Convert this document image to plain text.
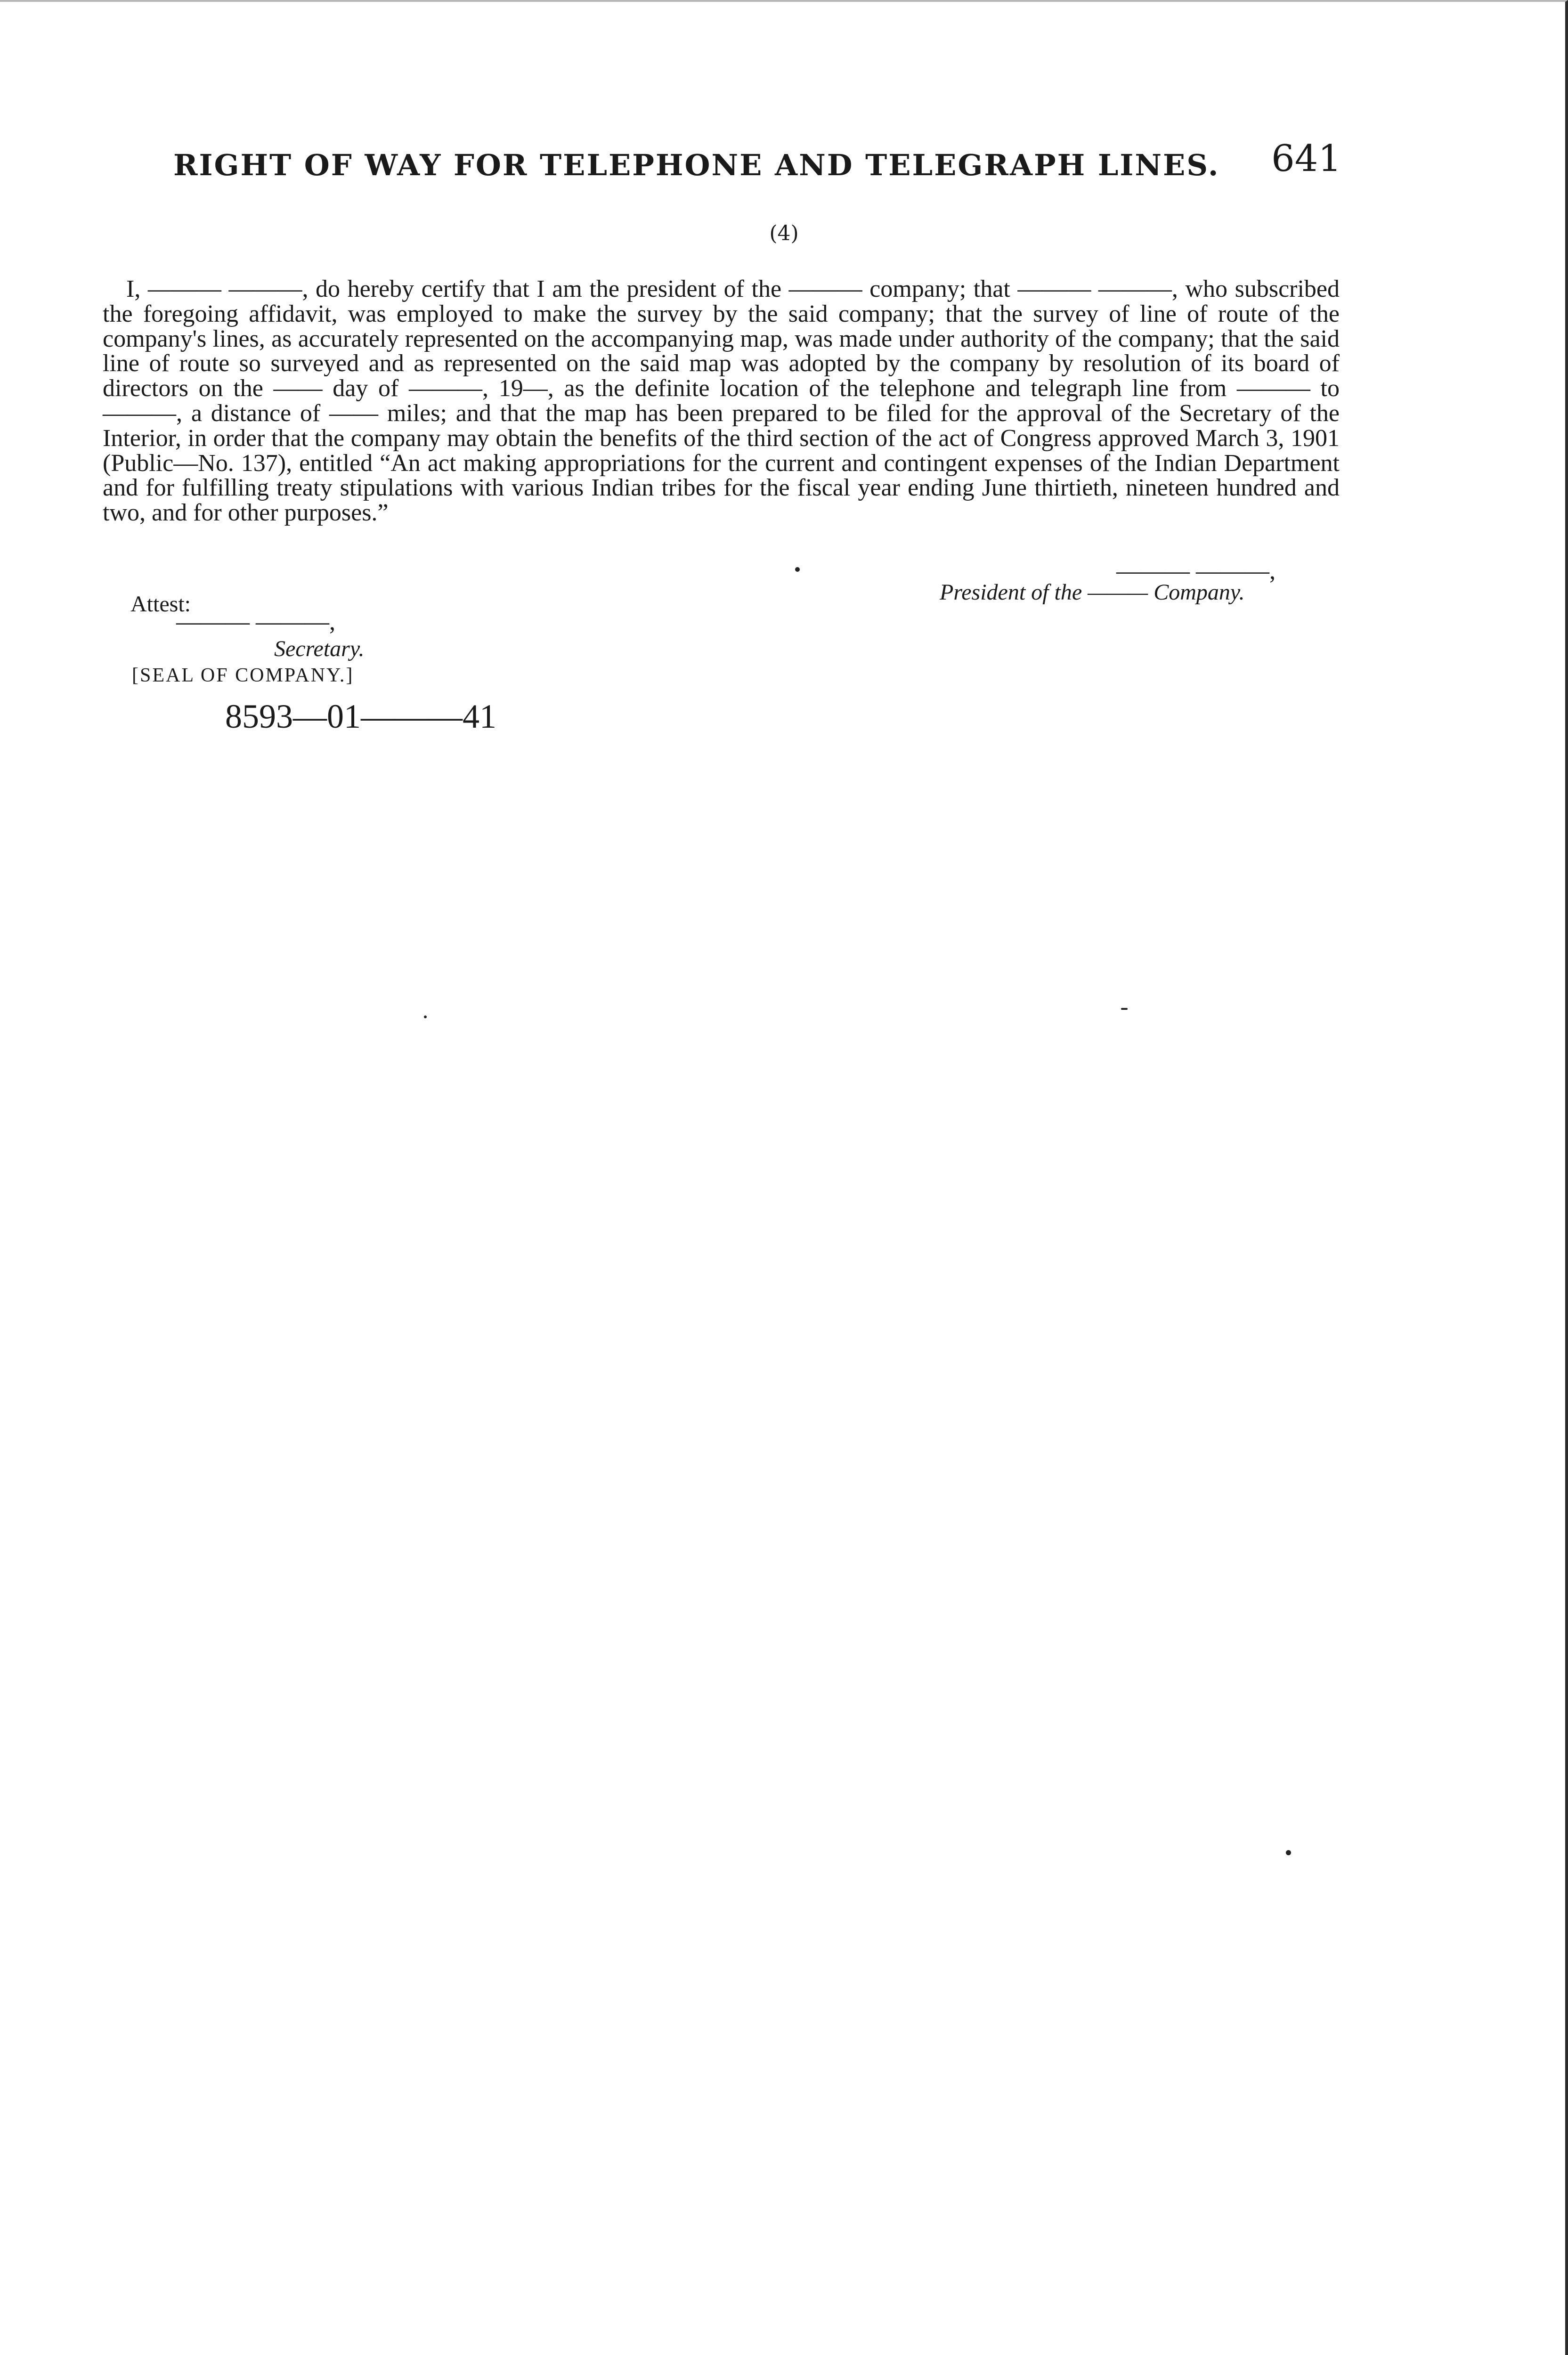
RIGHT OF WAY FOR TELEPHONE AND TELEGRAPH LINES. 641
(4)

I, ——— ———, do hereby certify that I am the president of the ——— company; that ——— ———, who subscribed the foregoing affidavit, was employed to make the survey by the said company; that the survey of line of route of the company's lines, as accurately represented on the accompanying map, was made under authority of the company; that the said line of route so surveyed and as represented on the said map was adopted by the company by resolution of its board of directors on the —— day of ———, 19—, as the definite location of the telephone and telegraph line from ——— to ———, a distance of —— miles; and that the map has been prepared to be filed for the approval of the Secretary of the Interior, in order that the company may obtain the benefits of the third section of the act of Congress approved March 3, 1901 (Public—No. 137), entitled “An act making appropriations for the current and contingent expenses of the Indian Department and for fulfilling treaty stipulations with various Indian tribes for the fiscal year ending June thirtieth, nineteen hundred and two, and for other purposes.”

——— ———,
President of the ——— Company.
Attest:
——— ———,
Secretary.
[SEAL OF COMPANY.]
8593—01———41
